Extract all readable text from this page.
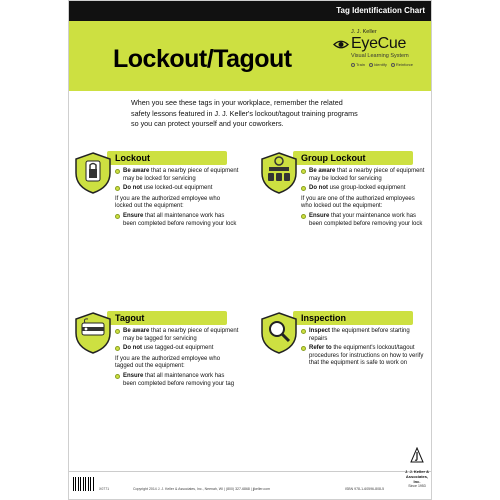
Tag Identification Chart
Lockout/Tagout
J. J. Keller
EyeCue
Visual Learning System
Train Identify Reinforce
When you see these tags in your workplace, remember the related safety lessons featured in J. J. Keller's lockout/tagout training programs so you can protect yourself and your coworkers.
Lockout
Be aware that a nearby piece of equipment may be locked for servicing
Do not use locked-out equipment
If you are the authorized employee who locked out the equipment:
Ensure that all maintenance work has been completed before removing your lock
Group Lockout
Be aware that a nearby piece of equipment may be locked for servicing
Do not use group-locked equipment
If you are one of the authorized employees who locked out the equipment:
Ensure that your maintenance work has been completed before removing your lock
Tagout
Be aware that a nearby piece of equipment may be tagged for servicing
Do not use tagged-out equipment
If you are the authorized employee who tagged out the equipment:
Ensure that all maintenance work has been completed before removing your tag
Inspection
Inspect the equipment before starting repairs
Refer to the equipment's lockout/tagout procedures for instructions on how to verify that the equipment is safe to work on
X0771	Copyright 2014 J. J. Keller & Associates, Inc., Neenah, WI | (800) 327-6868 | jjkeller.com	ISBN 978-1-60596-808-5
J. J. Keller & Associates, Inc.
Since 1953
